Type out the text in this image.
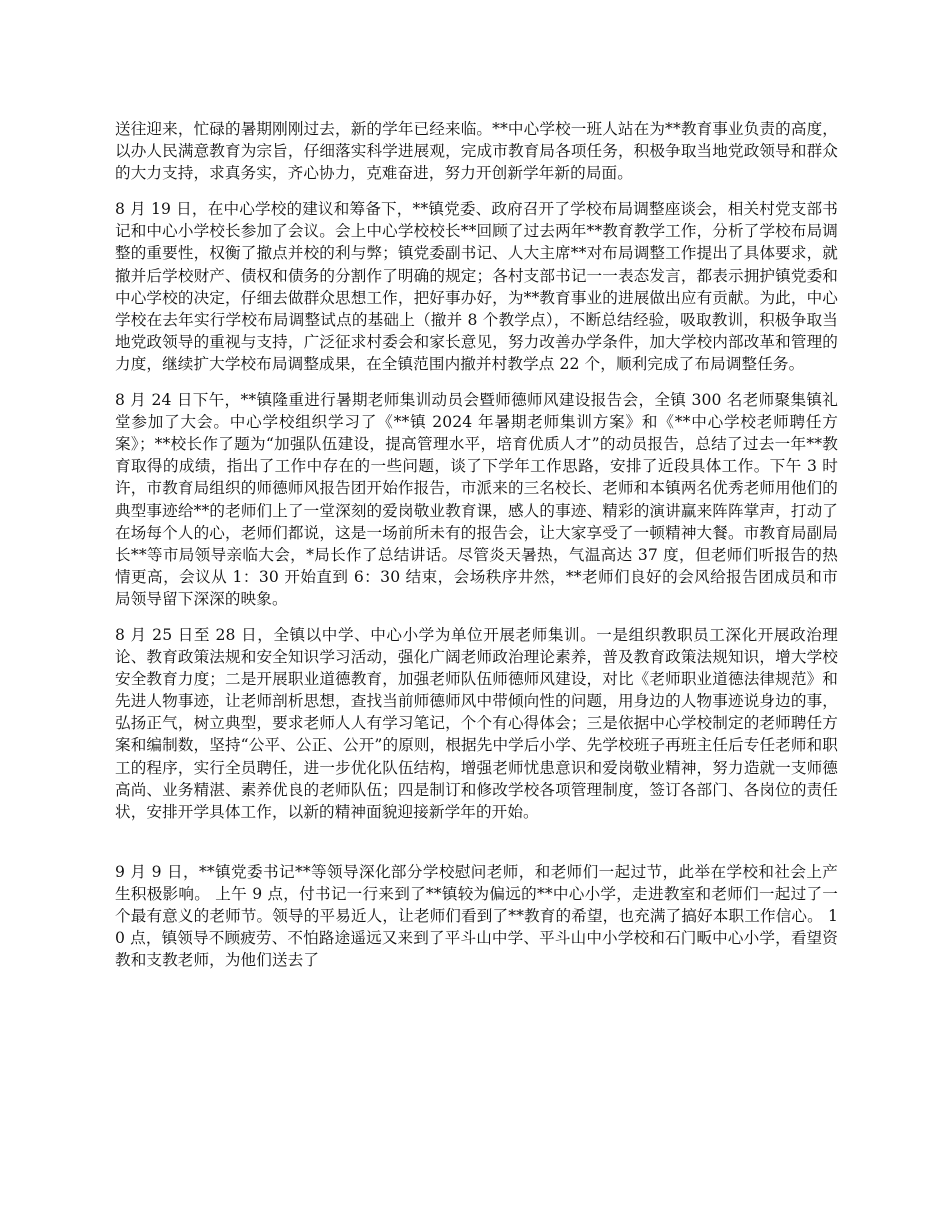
送往迎来，忙碌的暑期刚刚过去，新的学年已经来临。**中心学校一班人站在为**教育事业负责的高度，以办人民满意教育为宗旨，仔细落实科学进展观，完成市教育局各项任务，积极争取当地党政领导和群众的大力支持，求真务实，齐心协力，克难奋进，努力开创新学年新的局面。

8 月 19 日，在中心学校的建议和筹备下，**镇党委、政府召开了学校布局调整座谈会，相关村党支部书记和中心小学校长参加了会议。会上中心学校校长**回顾了过去两年**教育教学工作，分析了学校布局调整的重要性，权衡了撤点并校的利与弊；镇党委副书记、人大主席**对布局调整工作提出了具体要求，就撤并后学校财产、债权和债务的分割作了明确的规定；各村支部书记一一表态发言，都表示拥护镇党委和中心学校的决定，仔细去做群众思想工作，把好事办好，为**教育事业的进展做出应有贡献。为此，中心学校在去年实行学校布局调整试点的基础上（撤并 8 个教学点），不断总结经验，吸取教训，积极争取当地党政领导的重视与支持，广泛征求村委会和家长意见，努力改善办学条件，加大学校内部改革和管理的力度，继续扩大学校布局调整成果，在全镇范围内撤并村教学点 22 个，顺利完成了布局调整任务。

8 月 24 日下午，**镇隆重进行暑期老师集训动员会暨师德师风建设报告会，全镇 300 名老师聚集镇礼堂参加了大会。中心学校组织学习了《**镇 2024 年暑期老师集训方案》和《**中心学校老师聘任方案》；**校长作了题为“加强队伍建设，提高管理水平，培育优质人才”的动员报告，总结了过去一年**教育取得的成绩，指出了工作中存在的一些问题，谈了下学年工作思路，安排了近段具体工作。下午 3 时许，市教育局组织的师德师风报告团开始作报告，市派来的三名校长、老师和本镇两名优秀老师用他们的典型事迹给**的老师们上了一堂深刻的爱岗敬业教育课，感人的事迹、精彩的演讲赢来阵阵掌声，打动了在场每个人的心，老师们都说，这是一场前所未有的报告会，让大家享受了一顿精神大餐。市教育局副局长**等市局领导亲临大会，*局长作了总结讲话。尽管炎天暑热，气温高达 37 度，但老师们听报告的热情更高，会议从 1：30 开始直到 6：30 结束，会场秩序井然，**老师们良好的会风给报告团成员和市局领导留下深深的映象。

8 月 25 日至 28 日，全镇以中学、中心小学为单位开展老师集训。一是组织教职员工深化开展政治理论、教育政策法规和安全知识学习活动，强化广阔老师政治理论素养，普及教育政策法规知识，增大学校安全教育力度；二是开展职业道德教育，加强老师队伍师德师风建设，对比《老师职业道德法律规范》和先进人物事迹，让老师剖析思想，查找当前师德师风中带倾向性的问题，用身边的人物事迹说身边的事，弘扬正气，树立典型，要求老师人人有学习笔记，个个有心得体会；三是依据中心学校制定的老师聘任方案和编制数，坚持“公平、公正、公开”的原则，根据先中学后小学、先学校班子再班主任后专任老师和职工的程序，实行全员聘任，进一步优化队伍结构，增强老师忧患意识和爱岗敬业精神，努力造就一支师德高尚、业务精湛、素养优良的老师队伍；四是制订和修改学校各项管理制度，签订各部门、各岗位的责任状，安排开学具体工作，以新的精神面貌迎接新学年的开始。

9 月 9 日，**镇党委书记**等领导深化部分学校慰问老师，和老师们一起过节，此举在学校和社会上产生积极影响。 上午 9 点，付书记一行来到了**镇较为偏远的**中心小学，走进教室和老师们一起过了一个最有意义的老师节。领导的平易近人，让老师们看到了**教育的希望，也充满了搞好本职工作信心。 10 点，镇领导不顾疲劳、不怕路途遥远又来到了平斗山中学、平斗山中小学校和石门畈中心小学，看望资教和支教老师，为他们送去了
